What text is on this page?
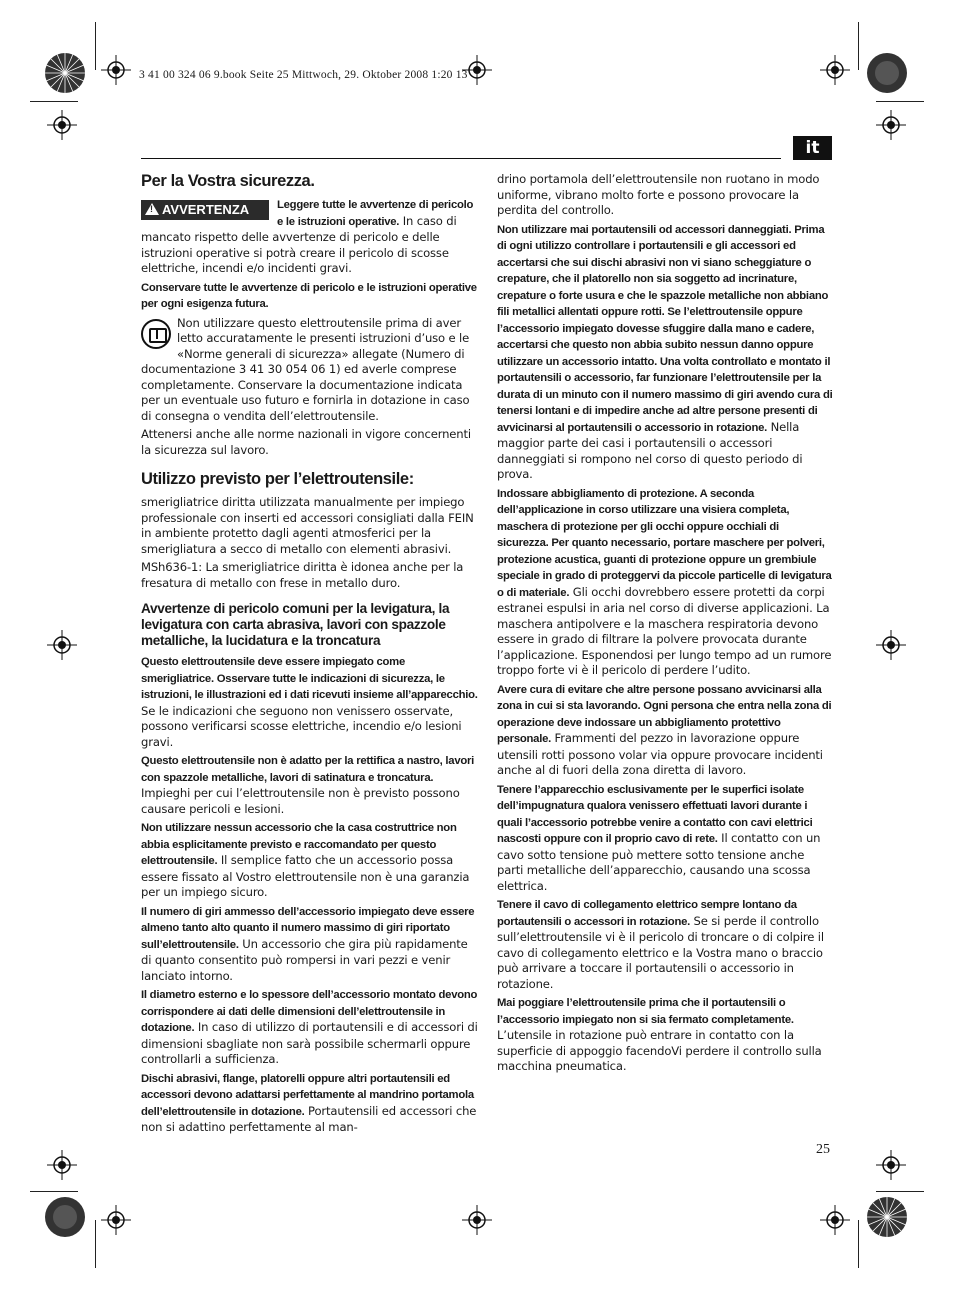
3 41 00 324 06 9.book Seite 25 Mittwoch, 29. Oktober 2008 1:20 13
it
Per la Vostra sicurezza.
!AVVERTENZA	Leggere tutte le avvertenze di pericolo e le istruzioni operative. In caso di mancato rispetto delle avvertenze di pericolo e delle istruzioni operative si potrà creare il pericolo di scosse elettriche, incendi e/o incidenti gravi.

Conservare tutte le avvertenze di pericolo e le istruzioni operative per ogni esigenza futura.

Non utilizzare questo elettroutensile prima di aver letto accuratamente le presenti istruzioni d’uso e le «Norme generali di sicurezza» allegate (Numero di documentazione 3 41 30 054 06 1) ed averle comprese completamente. Conservare la documentazione indicata per un eventuale uso futuro e fornirla in dotazione in caso di consegna o vendita dell’elettroutensile.

Attenersi anche alle norme nazionali in vigore concernenti la sicurezza sul lavoro.

Utilizzo previsto per l’elettroutensile:

smerigliatrice diritta utilizzata manualmente per impiego professionale con inserti ed accessori consigliati dalla FEIN in ambiente protetto dagli agenti atmosferici per la smerigliatura a secco di metallo con elementi abrasivi.

MSh636-1: La smerigliatrice diritta è idonea anche per la fresatura di metallo con frese in metallo duro.

Avvertenze di pericolo comuni per la levigatura, la levigatura con carta abrasiva, lavori con spazzole metalliche, la lucidatura e la troncatura

Questo elettroutensile deve essere impiegato come smerigliatrice. Osservare tutte le indicazioni di sicurezza, le istruzioni, le illustrazioni ed i dati ricevuti insieme all’apparecchio. Se le indicazioni che seguono non venissero osservate, possono verificarsi scosse elettriche, incendio e/o lesioni gravi.

Questo elettroutensile non è adatto per la rettifica a nastro, lavori con spazzole metalliche, lavori di satinatura e troncatura. Impieghi per cui l’elettroutensile non è previsto possono causare pericoli e lesioni.

Non utilizzare nessun accessorio che la casa costruttrice non abbia esplicitamente previsto e raccomandato per questo elettroutensile. Il semplice fatto che un accessorio possa essere fissato al Vostro elettroutensile non è una garanzia per un impiego sicuro.

Il numero di giri ammesso dell’accessorio impiegato deve essere almeno tanto alto quanto il numero massimo di giri riportato sull’elettroutensile. Un accessorio che gira più rapidamente di quanto consentito può rompersi in vari pezzi e venir lanciato intorno.

Il diametro esterno e lo spessore dell’accessorio montato devono corrispondere ai dati delle dimensioni dell’elettroutensile in dotazione. In caso di utilizzo di portautensili e di accessori di dimensioni sbagliate non sarà possibile schermarli oppure controllarli a sufficienza.

Dischi abrasivi, flange, platorelli oppure altri portautensili ed accessori devono adattarsi perfettamente al mandrino portamola dell’elettroutensile in dotazione. Portautensili ed accessori che non si adattino perfettamente al man-

drino portamola dell’elettroutensile non ruotano in modo uniforme, vibrano molto forte e possono provocare la perdita del controllo.

Non utilizzare mai portautensili od accessori danneggiati. Prima di ogni utilizzo controllare i portautensili e gli accessori ed accertarsi che sui dischi abrasivi non vi siano scheggiature o crepature, che il platorello non sia soggetto ad incrinature, crepature o forte usura e che le spazzole metalliche non abbiano fili metallici allentati oppure rotti. Se l’elettroutensile oppure l’accessorio impiegato dovesse sfuggire dalla mano e cadere, accertarsi che questo non abbia subito nessun danno oppure utilizzare un accessorio intatto. Una volta controllato e montato il portautensili o accessorio, far funzionare l’elettroutensile per la durata di un minuto con il numero massimo di giri avendo cura di tenersi lontani e di impedire anche ad altre persone presenti di avvicinarsi al portautensili o accessorio in rotazione. Nella maggior parte dei casi i portautensili o accessori danneggiati si rompono nel corso di questo periodo di prova.

Indossare abbigliamento di protezione. A seconda dell’applicazione in corso utilizzare una visiera completa, maschera di protezione per gli occhi oppure occhiali di sicurezza. Per quanto necessario, portare maschere per polveri, protezione acustica, guanti di protezione oppure un grembiule speciale in grado di proteggervi da piccole particelle di levigatura o di materiale. Gli occhi dovrebbero essere protetti da corpi estranei espulsi in aria nel corso di diverse applicazioni. La maschera antipolvere e la maschera respiratoria devono essere in grado di filtrare la polvere provocata durante l’applicazione. Esponendosi per lungo tempo ad un rumore troppo forte vi è il pericolo di perdere l’udito.

Avere cura di evitare che altre persone possano avvicinarsi alla zona in cui si sta lavorando. Ogni persona che entra nella zona di operazione deve indossare un abbigliamento protettivo personale. Frammenti del pezzo in lavorazione oppure utensili rotti possono volar via oppure provocare incidenti anche al di fuori della zona diretta di lavoro.

Tenere l’apparecchio esclusivamente per le superfici isolate dell’impugnatura qualora venissero effettuati lavori durante i quali l’accessorio potrebbe venire a contatto con cavi elettrici nascosti oppure con il proprio cavo di rete. Il contatto con un cavo sotto tensione può mettere sotto tensione anche parti metalliche dell’apparecchio, causando una scossa elettrica.

Tenere il cavo di collegamento elettrico sempre lontano da portautensili o accessori in rotazione. Se si perde il controllo sull’elettroutensile vi è il pericolo di troncare o di colpire il cavo di collegamento elettrico e la Vostra mano o braccio può arrivare a toccare il portautensili o accessorio in rotazione.

Mai poggiare l’elettroutensile prima che il portautensili o l’accessorio impiegato non si sia fermato completamente. L’utensile in rotazione può entrare in contatto con la superficie di appoggio facendoVi perdere il controllo sulla macchina pneumatica.

25
